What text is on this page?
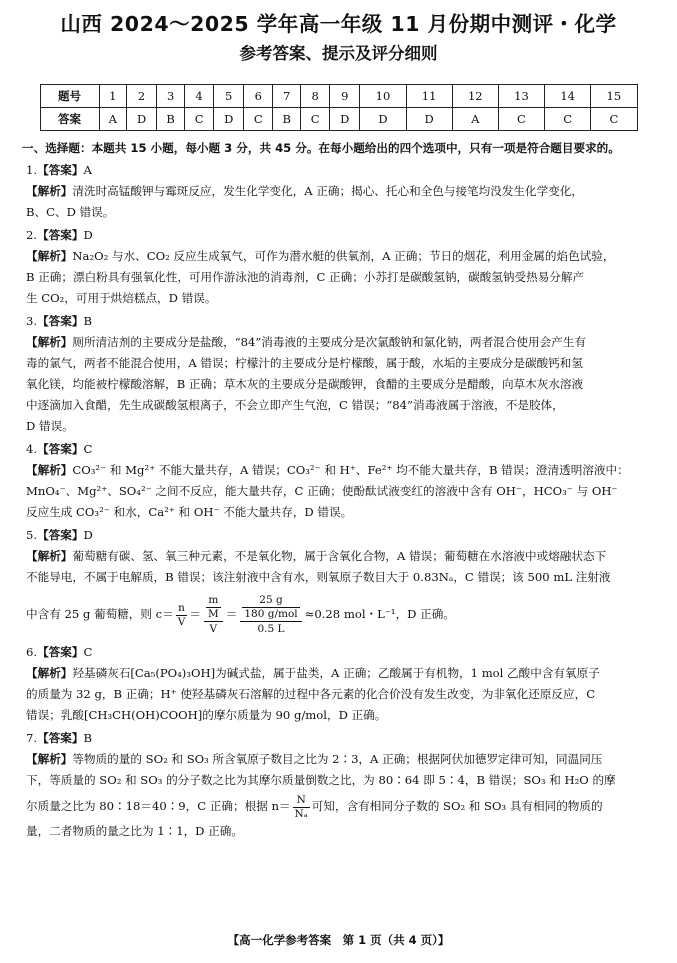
山西 2024～2025 学年高一年级 11 月份期中测评・化学
参考答案、提示及评分细则
题号	1	2	3	4	5	6	7	8	9	10	11	12	13	14	15
答案	A	D	B	C	D	C	B	C	D	D	D	A	C	C	C
一、选择题：本题共 15 小题，每小题 3 分，共 45 分。在每小题给出的四个选项中，只有一项是符合题目要求的。
1.【答案】A
【解析】清洗时高锰酸钾与霉斑反应，发生化学变化，A 正确；揭心、托心和全色与接笔均没发生化学变化，
B、C、D 错误。
2.【答案】D
【解析】Na₂O₂ 与水、CO₂ 反应生成氧气，可作为潜水艇的供氧剂，A 正确；节日的烟花，利用金属的焰色试验，
B 正确；漂白粉具有强氧化性，可用作游泳池的消毒剂，C 正确；小苏打是碳酸氢钠，碳酸氢钠受热易分解产
生 CO₂，可用于烘焙糕点，D 错误。
3.【答案】B
【解析】厕所清洁剂的主要成分是盐酸，“84”消毒液的主要成分是次氯酸钠和氯化钠，两者混合使用会产生有
毒的氯气，两者不能混合使用，A 错误；柠檬汁的主要成分是柠檬酸，属于酸，水垢的主要成分是碳酸钙和氢
氧化镁，均能被柠檬酸溶解，B 正确；草木灰的主要成分是碳酸钾，食醋的主要成分是醋酸，向草木灰水溶液
中逐滴加入食醋，先生成碳酸氢根离子，不会立即产生气泡，C 错误；“84”消毒液属于溶液，不是胶体，
D 错误。
4.【答案】C
【解析】CO₃²⁻ 和 Mg²⁺ 不能大量共存，A 错误；CO₃²⁻ 和 H⁺、Fe²⁺ 均不能大量共存，B 错误；澄清透明溶液中：
MnO₄⁻、Mg²⁺、SO₄²⁻ 之间不反应，能大量共存，C 正确；使酚酞试液变红的溶液中含有 OH⁻，HCO₃⁻ 与 OH⁻
反应生成 CO₃²⁻ 和水，Ca²⁺ 和 OH⁻ 不能大量共存，D 错误。
5.【答案】D
【解析】葡萄糖有碳、氢、氧三种元素，不是氧化物，属于含氧化合物，A 错误；葡萄糖在水溶液中或熔融状态下
不能导电，不属于电解质，B 错误；该注射液中含有水，则氧原子数目大于 0.83Nₐ，C 错误；该 500 mL 注射液
中含有 25 g 葡萄糖，则 $c= \frac{n}{V} = \frac{\frac{m}{M}}{V} = \frac{25 g}{\text{180 g/mol}}$
0.5 L
≈0.28 mol・L⁻¹，D 正确。
6.【答案】C
【解析】羟基磷灰石[Ca₅(PO₄)₃OH]为碱式盐，属于盐类，A 正确；乙酸属于有机物，1 mol 乙酸中含有氧原子
的质量为 32 g，B 正确；H⁺ 使羟基磷灰石溶解的过程中各元素的化合价没有发生改变，为非氧化还原反应，C
错误；乳酸[CH₃CH(OH)COOH]的摩尔质量为 90 g/mol，D 正确。
7.【答案】B
【解析】等物质的量的 SO₂ 和 SO₃ 所含氧原子数目之比为 2∶3，A 正确；根据阿伏加德罗定律可知，同温同压
下，等质量的 SO₂ 和 SO₃ 的分子数之比为其摩尔质量倒数之比，为 80∶64 即 5∶4，B 错误；SO₃ 和 H₂O 的摩
尔质量之比为 80∶18＝40∶9，C 正确；根据 $n= \frac{N}{\text{Nₐ}}$ 可知，含有相同分子数的 SO₂ 和 SO₃ 具有相同的物质的
量，二者物质的量之比为 1∶1，D 正确。
【高一化学参考答案　第 1 页（共 4 页）】
